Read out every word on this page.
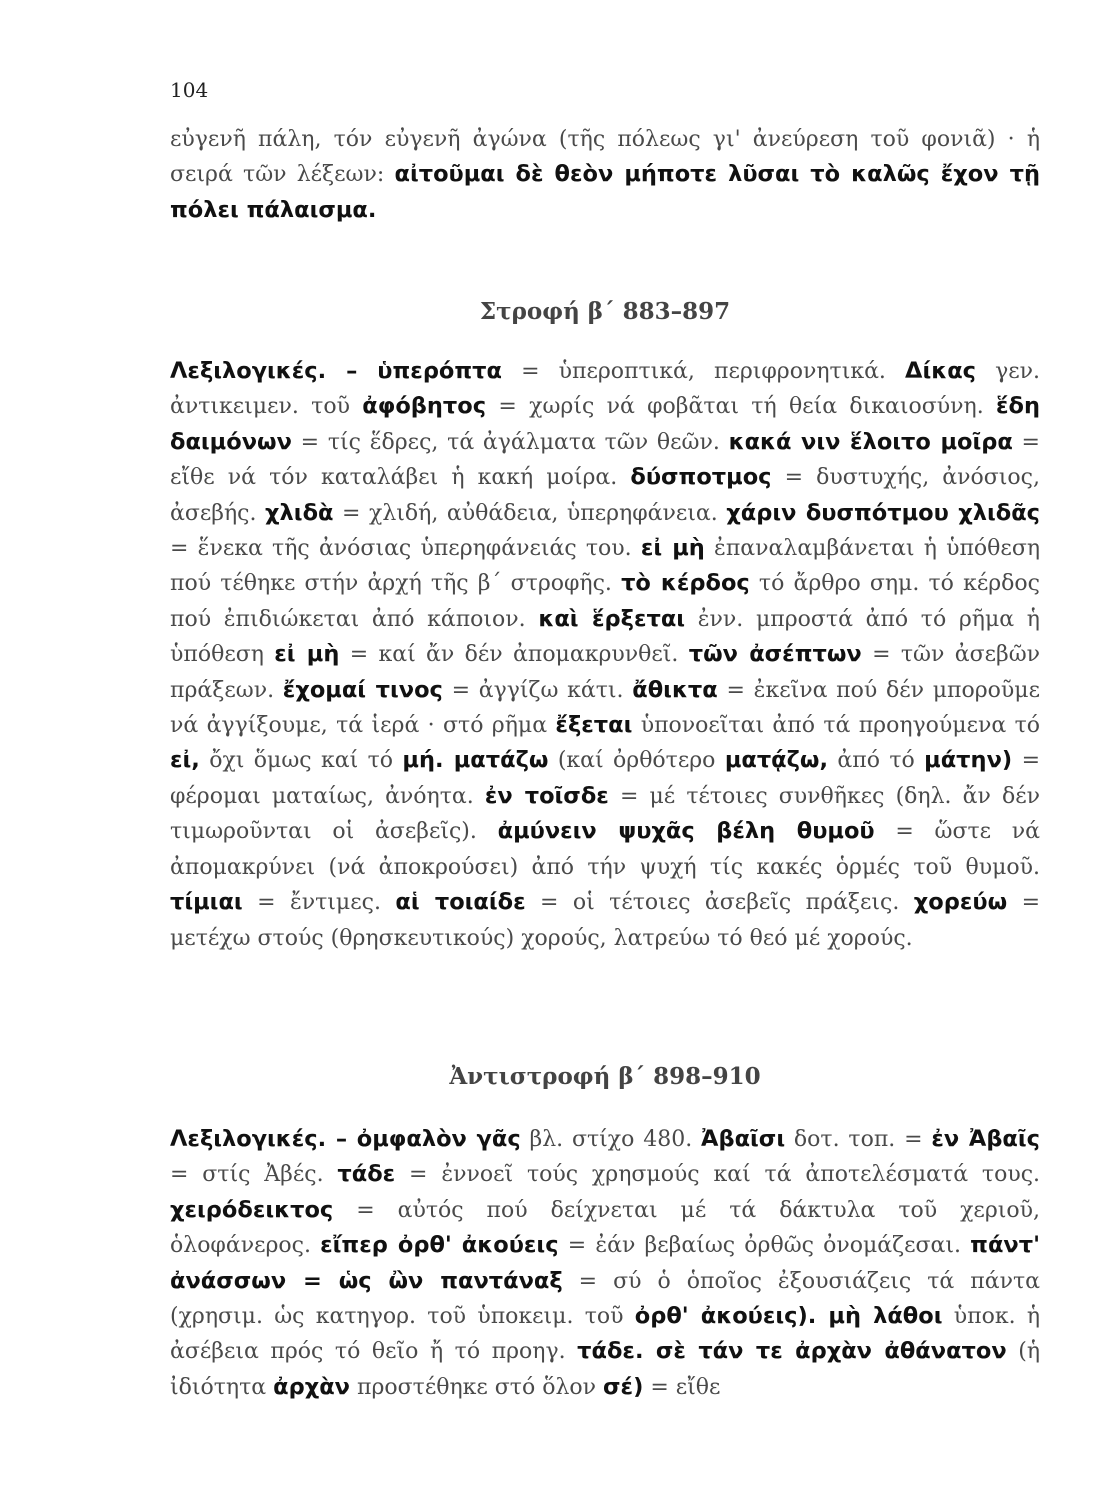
104

εὐγενῆ πάλη, τόν εὐγενῆ ἀγώνα (τῆς πόλεως γι' ἀνεύρεση τοῦ φονιᾶ) · ἡ σειρά τῶν λέξεων: αἰτοῦμαι δὲ θεὸν μήποτε λῦσαι τὸ καλῶς ἔχον τῇ πόλει πάλαισμα.

Στροφή β΄ 883–897

Λεξιλογικές. – ὑπερόπτα = ὑπεροπτικά, περιφρονητικά. Δίκας γεν. ἀντικειμεν. τοῦ ἀφόβητος = χωρίς νά φοβᾶται τή θεία δικαιοσύνη. ἕδη δαιμόνων = τίς ἕδρες, τά ἀγάλματα τῶν θεῶν. κακά νιν ἕλοιτο μοῖρα = εἴθε νά τόν καταλάβει ἡ κακή μοίρα. δύσποτμος = δυστυχής, ἀνόσιος, ἀσεβής. χλιδὰ = χλιδή, αὐθάδεια, ὑπερηφάνεια. χάριν δυσπότμου χλιδᾶς = ἕνεκα τῆς ἀνόσιας ὑπερηφάνειάς του. εἰ μὴ ἐπαναλαμβάνεται ἡ ὑπόθεση πού τέθηκε στήν ἀρχή τῆς β΄ στροφῆς. τὸ κέρδος τό ἄρθρο σημ. τό κέρδος πού ἐπιδιώκεται ἀπό κάποιον. καὶ ἕρξεται ἐνν. μπροστά ἀπό τό ρῆμα ἡ ὑπόθεση εἰ μὴ = καί ἄν δέν ἀπομακρυνθεῖ. τῶν ἀσέπτων = τῶν ἀσεβῶν πράξεων. ἔχομαί τινος = ἀγγίζω κάτι. ἄθικτα = ἐκεῖνα πού δέν μποροῦμε νά ἀγγίξουμε, τά ἱερά · στό ρῆμα ἔξεται ὑπονοεῖται ἀπό τά προηγούμενα τό εἰ, ὄχι ὅμως καί τό μή. ματάζω (καί ὀρθότερο ματᾴζω, ἀπό τό μάτην) = φέρομαι ματαίως, ἀνόητα. ἐν τοῖσδε = μέ τέτοιες συνθῆκες (δηλ. ἄν δέν τιμωροῦνται οἱ ἀσεβεῖς). ἀμύνειν ψυχᾶς βέλη θυμοῦ = ὥστε νά ἀπομακρύνει (νά ἀποκρούσει) ἀπό τήν ψυχή τίς κακές ὁρμές τοῦ θυμοῦ. τίμιαι = ἔντιμες. αἱ τοιαίδε = οἱ τέτοιες ἀσεβεῖς πράξεις. χορεύω = μετέχω στούς (θρησκευτικούς) χορούς, λατρεύω τό θεό μέ χορούς.

Ἀντιστροφή β΄ 898–910

Λεξιλογικές. – ὀμφαλὸν γᾶς βλ. στίχο 480. Ἀβαῖσι δοτ. τοπ. = ἐν Ἀβαῖς = στίς Ἀβές. τάδε = ἐννοεῖ τούς χρησμούς καί τά ἀποτελέσματά τους. χειρόδεικτος = αὐτός πού δείχνεται μέ τά δάκτυλα τοῦ χεριοῦ, ὁλοφάνερος. εἴπερ ὀρθ' ἀκούεις = ἐάν βεβαίως ὀρθῶς ὀνομάζεσαι. πάντ' ἀνάσσων = ὡς ὢν παντάναξ = σύ ὁ ὁποῖος ἐξουσιάζεις τά πάντα (χρησιμ. ὡς κατηγορ. τοῦ ὑποκειμ. τοῦ ὀρθ' ἀκούεις). μὴ λάθοι ὑποκ. ἡ ἀσέβεια πρός τό θεῖο ἤ τό προηγ. τάδε. σὲ τάν τε ἀρχὰν ἀθάνατον (ἡ ἰδιότητα ἀρχὰν προστέθηκε στό ὅλον σέ) = εἴθε
